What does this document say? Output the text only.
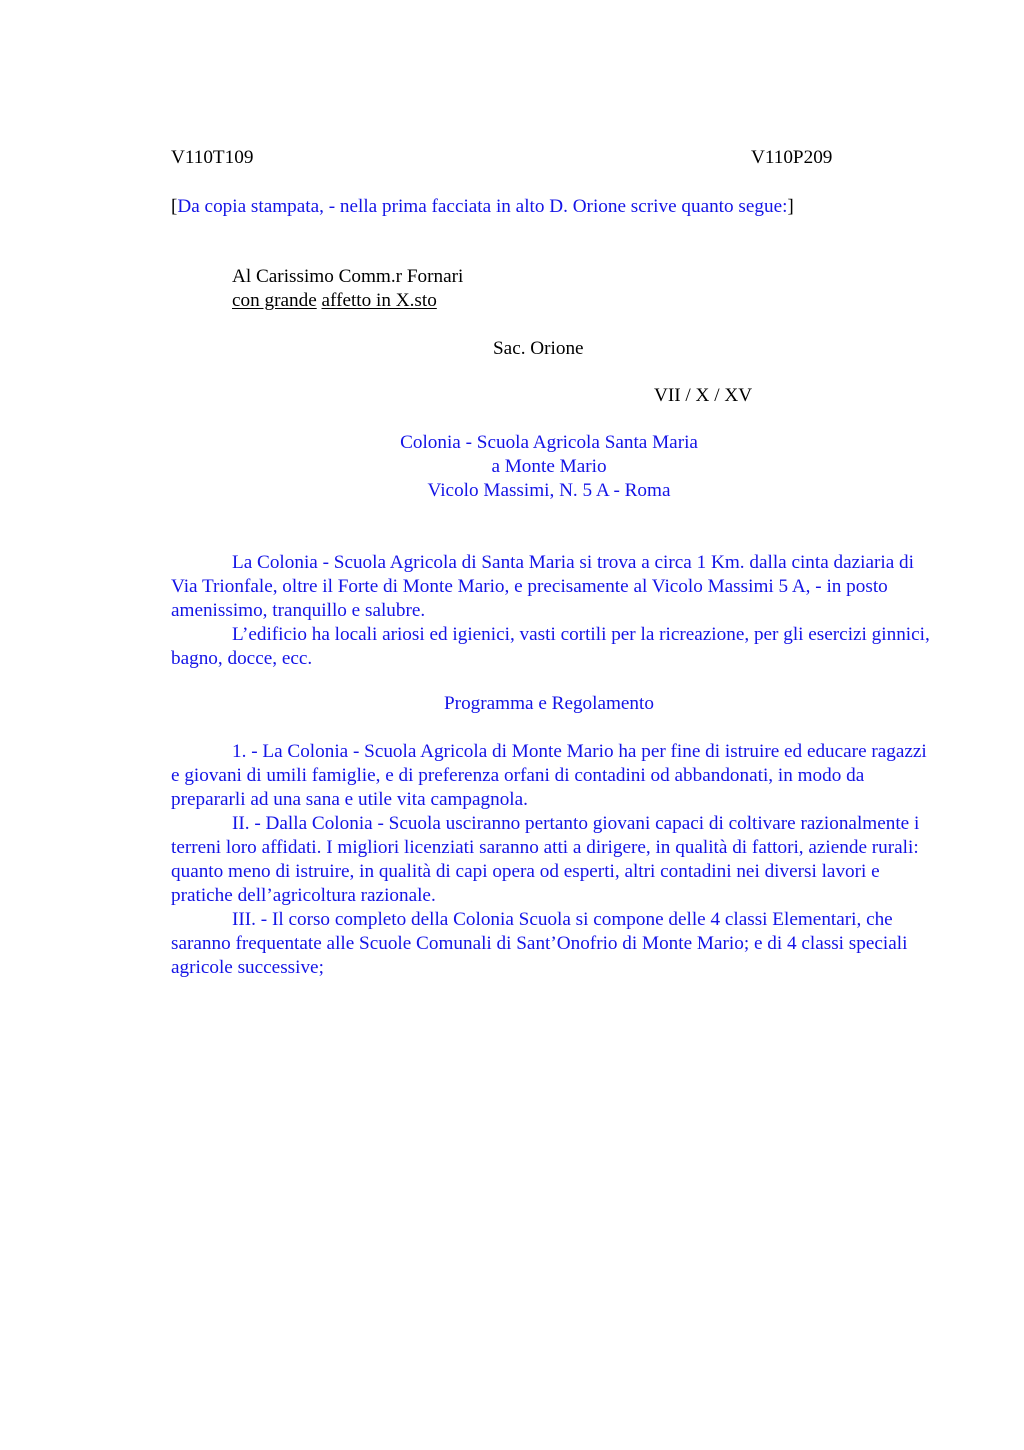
V110T109	V110P209
[Da copia stampata, - nella prima facciata in alto D. Orione scrive quanto segue:]
Al Carissimo Comm.r Fornari
con grande affetto in X.sto
Sac. Orione
VII / X / XV
Colonia - Scuola Agricola Santa Maria
a Monte Mario
Vicolo Massimi, N. 5 A - Roma

La Colonia - Scuola Agricola di Santa Maria si trova a circa 1 Km. dalla cinta daziaria di Via Trionfale, oltre il Forte di Monte Mario, e precisamente al Vicolo Massimi 5 A, - in posto amenissimo, tranquillo e salubre.

L’edificio ha locali ariosi ed igienici, vasti cortili per la ricreazione, per gli esercizi ginnici, bagno, docce, ecc.

Programma e Regolamento

1. - La Colonia - Scuola Agricola di Monte Mario ha per fine di istruire ed educare ragazzi e giovani di umili famiglie, e di preferenza orfani di contadini od abbandonati, in modo da prepararli ad una sana e utile vita campagnola.

II. - Dalla Colonia - Scuola usciranno pertanto giovani capaci di coltivare razionalmente i terreni loro affidati. I migliori licenziati saranno atti a dirigere, in qualità di fattori, aziende rurali: quanto meno di istruire, in qualità di capi opera od esperti, altri contadini nei diversi lavori e pratiche dell’agricoltura razionale.

III. - Il corso completo della Colonia Scuola si compone delle 4 classi Elementari, che saranno frequentate alle Scuole Comunali di Sant’Onofrio di Monte Mario; e di 4 classi speciali agricole successive;
